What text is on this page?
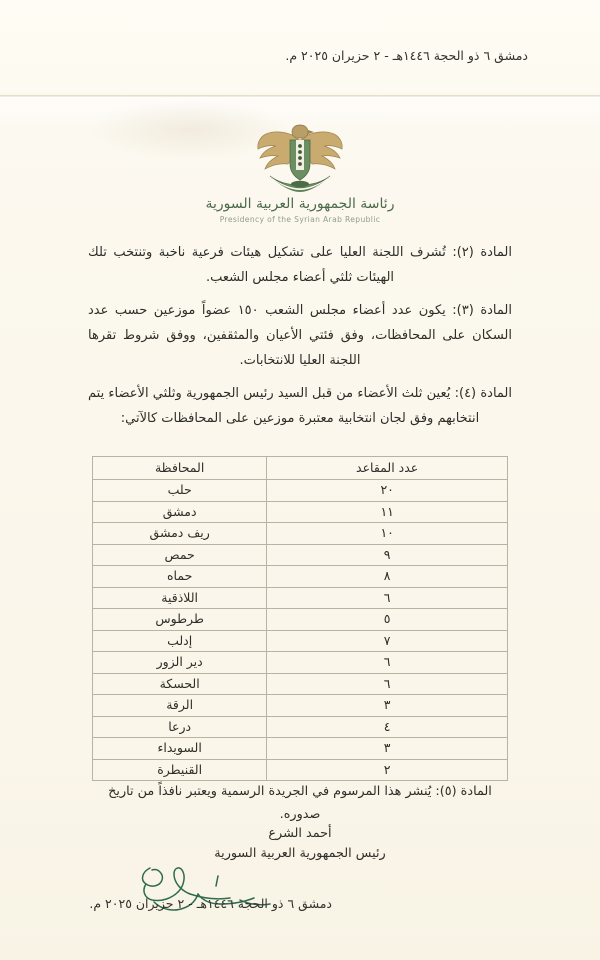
دمشق ٦ ذو الحجة ١٤٤٦هـ - ٢ حزيران ٢٠٢٥ م.
رئاسة الجمهورية العربية السورية
Presidency of the Syrian Arab Republic

المادة (٢): تُشرف اللجنة العليا على تشكيل هيئات فرعية ناخبة وتنتخب تلك الهيئات ثلثي أعضاء مجلس الشعب.

المادة (٣): يكون عدد أعضاء مجلس الشعب ١٥٠ عضواً موزعين حسب عدد السكان على المحافظات، وفق فئتي الأعيان والمثقفين، ووفق شروط تقرها اللجنة العليا للانتخابات.

المادة (٤): يُعين ثلث الأعضاء من قبل السيد رئيس الجمهورية وثلثي الأعضاء يتم انتخابهم وفق لجان انتخابية معتبرة موزعين على المحافظات كالآتي:

عدد المقاعد	المحافظة
٢٠	حلب
١١	دمشق
١٠	ريف دمشق
٩	حمص
٨	حماه
٦	اللاذقية
٥	طرطوس
٧	إدلب
٦	دير الزور
٦	الحسكة
٣	الرقة
٤	درعا
٣	السويداء
٢	القنيطرة
المادة (٥): يُنشر هذا المرسوم في الجريدة الرسمية ويعتبر نافذاً من تاريخ صدوره.
أحمد الشرع
رئيس الجمهورية العربية السورية
دمشق ٦ ذو الحجة ١٤٤٦هـ - ٢ حزيران ٢٠٢٥ م.
